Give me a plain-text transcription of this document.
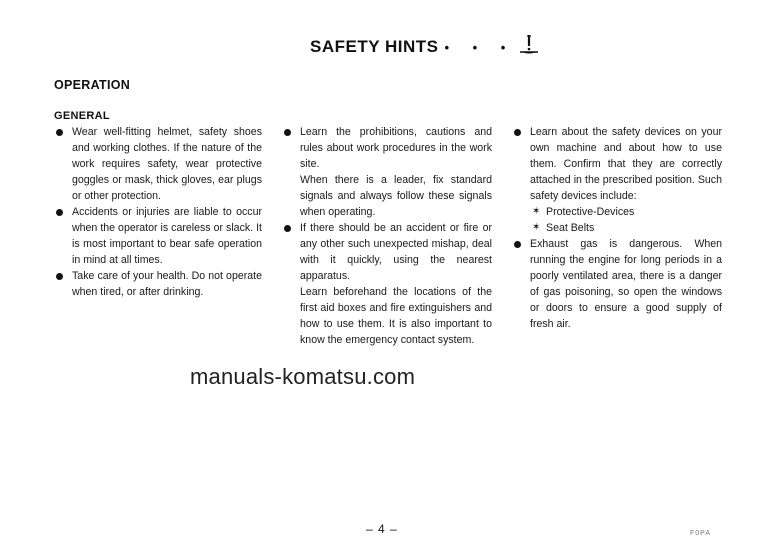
SAFETY HINTS • • •
OPERATION
GENERAL

Wear well-fitting helmet, safety shoes and working clothes. If the nature of the work requires safety, wear protective goggles or mask, thick gloves, ear plugs or other protection.

Accidents or injuries are liable to occur when the operator is careless or slack. It is most important to bear safe operation in mind at all times.

Take care of your health. Do not operate when tired, or after drinking.

Learn the prohibitions, cautions and rules about work procedures in the work site.

When there is a leader, fix standard signals and always follow these signals when operating.

If there should be an accident or fire or any other such unexpected mishap, deal with it quickly, using the nearest apparatus.

Learn beforehand the locations of the first aid boxes and fire extinguishers and how to use them. It is also important to know the emergency contact system.

Learn about the safety devices on your own machine and about how to use them. Confirm that they are correctly attached in the prescribed position. Such safety devices include:

✶ Protective-Devices
✶ Seat Belts

Exhaust gas is dangerous. When running the engine for long periods in a poorly ventilated area, there is a danger of gas poisoning, so open the windows or doors to ensure a good supply of fresh air.

manuals-komatsu.com
– 4 –	F0PA
